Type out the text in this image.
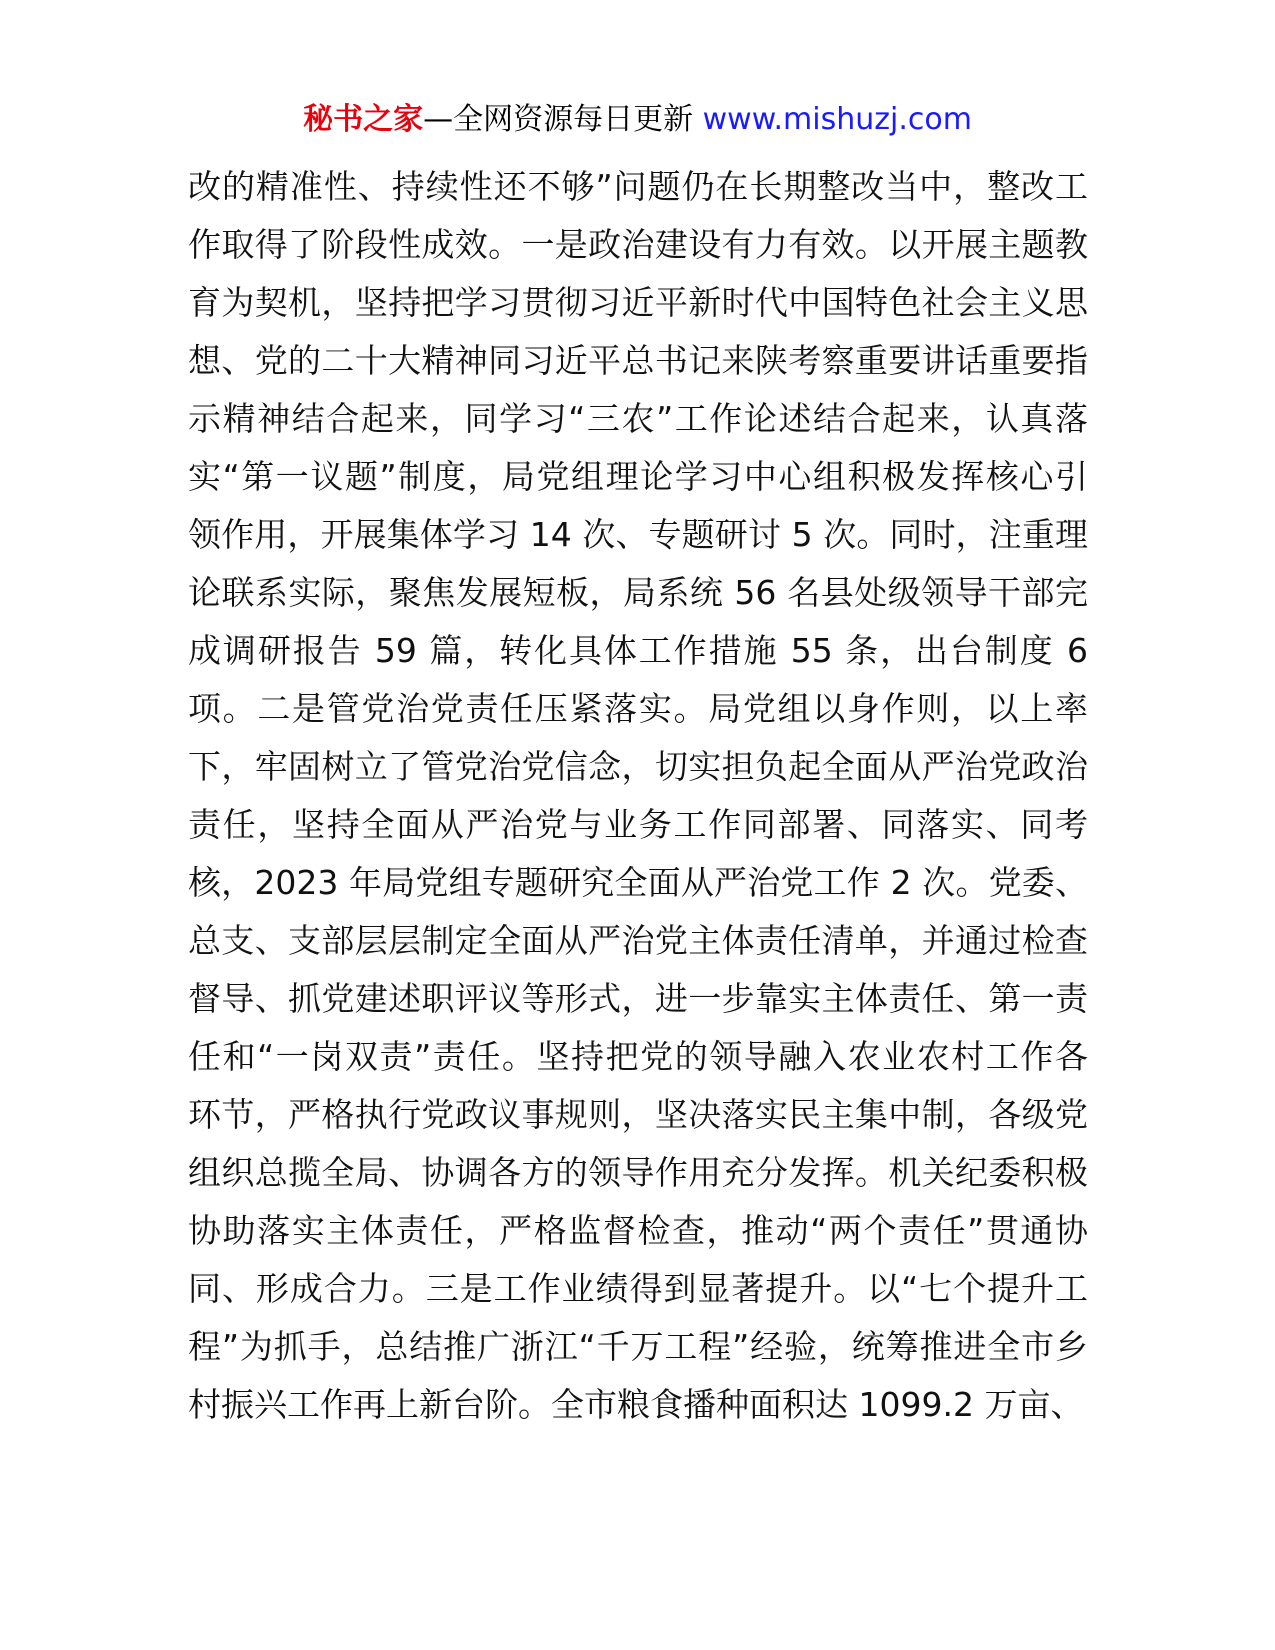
秘书之家—全网资源每日更新 www.mishuzj.com
改的精准性、持续性还不够”问题仍在长期整改当中，整改工
作取得了阶段性成效。一是政治建设有力有效。以开展主题教
育为契机，坚持把学习贯彻习近平新时代中国特色社会主义思
想、党的二十大精神同习近平总书记来陕考察重要讲话重要指
示精神结合起来，同学习“三农”工作论述结合起来，认真落
实“第一议题”制度，局党组理论学习中心组积极发挥核心引
领作用，开展集体学习 14 次、专题研讨 5 次。同时，注重理
论联系实际，聚焦发展短板，局系统 56 名县处级领导干部完
成调研报告 59 篇，转化具体工作措施 55 条，出台制度 6
项。二是管党治党责任压紧落实。局党组以身作则，以上率
下，牢固树立了管党治党信念，切实担负起全面从严治党政治
责任，坚持全面从严治党与业务工作同部署、同落实、同考
核，2023 年局党组专题研究全面从严治党工作 2 次。党委、
总支、支部层层制定全面从严治党主体责任清单，并通过检查
督导、抓党建述职评议等形式，进一步靠实主体责任、第一责
任和“一岗双责”责任。坚持把党的领导融入农业农村工作各
环节，严格执行党政议事规则，坚决落实民主集中制，各级党
组织总揽全局、协调各方的领导作用充分发挥。机关纪委积极
协助落实主体责任，严格监督检查，推动“两个责任”贯通协
同、形成合力。三是工作业绩得到显著提升。以“七个提升工
程”为抓手，总结推广浙江“千万工程”经验，统筹推进全市乡
村振兴工作再上新台阶。全市粮食播种面积达 1099.2 万亩、
